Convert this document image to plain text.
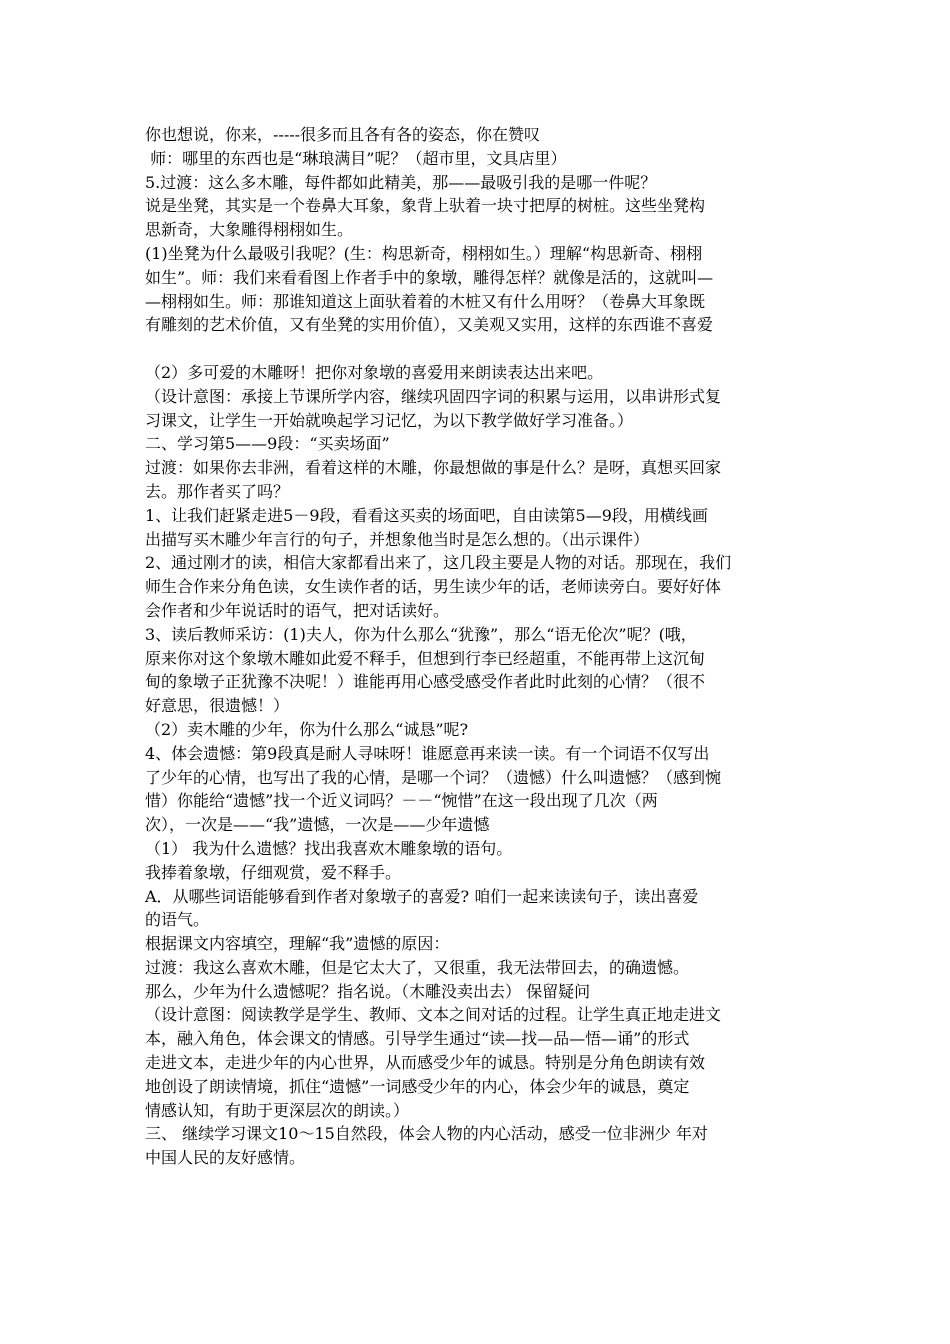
你也想说，你来，-----很多而且各有各的姿态，你在赞叹
师：哪里的东西也是“琳琅满目”呢？（超市里，文具店里）
5.过渡：这么多木雕，每件都如此精美，那——最吸引我的是哪一件呢？
说是坐凳，其实是一个卷鼻大耳象，象背上驮着一块寸把厚的树桩。这些坐凳构
思新奇，大象雕得栩栩如生。
(1)坐凳为什么最吸引我呢？(生：构思新奇，栩栩如生。）理解“构思新奇、栩栩
如生”。师：我们来看看图上作者手中的象墩，雕得怎样？就像是活的，这就叫—
—栩栩如生。师：那谁知道这上面驮着着的木桩又有什么用呀？（卷鼻大耳象既
有雕刻的艺术价值，又有坐凳的实用价值），又美观又实用，这样的东西谁不喜爱
（2）多可爱的木雕呀！把你对象墩的喜爱用来朗读表达出来吧。
（设计意图：承接上节课所学内容，继续巩固四字词的积累与运用，以串讲形式复
习课文，让学生一开始就唤起学习记忆，为以下教学做好学习准备。）
二、学习第5——9段：“买卖场面”
过渡：如果你去非洲，看着这样的木雕，你最想做的事是什么？是呀，真想买回家
去。那作者买了吗？
1、让我们赶紧走进5－9段，看看这买卖的场面吧，自由读第5—9段，用横线画
出描写买木雕少年言行的句子，并想象他当时是怎么想的。（出示课件）
2、通过刚才的读，相信大家都看出来了，这几段主要是人物的对话。那现在，我们
师生合作来分角色读，女生读作者的话，男生读少年的话，老师读旁白。要好好体
会作者和少年说话时的语气，把对话读好。
3、读后教师采访：(1)夫人，你为什么那么“犹豫”，那么“语无伦次”呢？(哦，
原来你对这个象墩木雕如此爱不释手，但想到行李已经超重，不能再带上这沉甸
甸的象墩子正犹豫不决呢！）谁能再用心感受感受作者此时此刻的心情？（很不
好意思，很遗憾！）
（2）卖木雕的少年，你为什么那么“诚恳”呢?
4、体会遗憾：第9段真是耐人寻味呀！谁愿意再来读一读。有一个词语不仅写出
了少年的心情，也写出了我的心情，是哪一个词？（遗憾）什么叫遗憾？（感到惋
惜）你能给“遗憾”找一个近义词吗？－－“惋惜”在这一段出现了几次（两
次），一次是——“我”遗憾，一次是——少年遗憾
（1） 我为什么遗憾？找出我喜欢木雕象墩的语句。
我捧着象墩，仔细观赏，爱不释手。
A．从哪些词语能够看到作者对象墩子的喜爱? 咱们一起来读读句子，读出喜爱
的语气。
根据课文内容填空，理解“我”遗憾的原因：
过渡：我这么喜欢木雕，但是它太大了，又很重，我无法带回去，的确遗憾。
那么，少年为什么遗憾呢？指名说。（木雕没卖出去） 保留疑问
（设计意图：阅读教学是学生、教师、文本之间对话的过程。让学生真正地走进文
本，融入角色，体会课文的情感。引导学生通过“读—找—品—悟—诵”的形式
走进文本，走进少年的内心世界，从而感受少年的诚恳。特别是分角色朗读有效
地创设了朗读情境，抓住“遗憾”一词感受少年的内心，体会少年的诚恳，奠定
情感认知，有助于更深层次的朗读。）
三、 继续学习课文10～15自然段，体会人物的内心活动，感受一位非洲少 年对
中国人民的友好感情。
